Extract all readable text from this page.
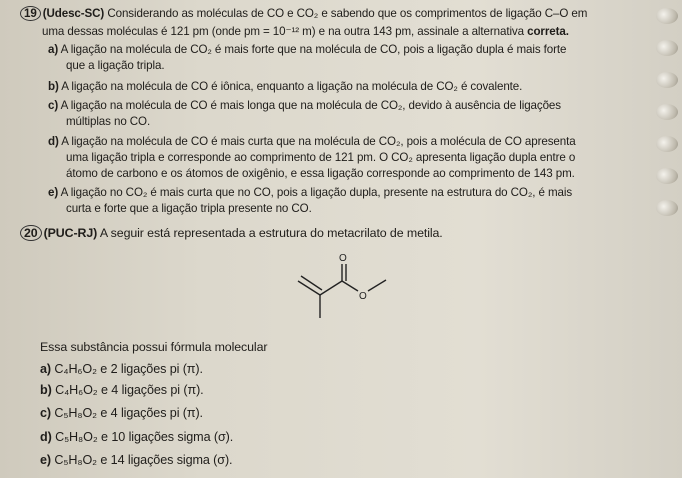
19 (Udesc-SC) Considerando as moléculas de CO e CO₂ e sabendo que os comprimentos de ligação C–O em
uma dessas moléculas é 121 pm (onde pm = 10⁻¹² m) e na outra 143 pm, assinale a alternativa correta.
a) A ligação na molécula de CO₂ é mais forte que na molécula de CO, pois a ligação dupla é mais forte
que a ligação tripla.
b) A ligação na molécula de CO é iônica, enquanto a ligação na molécula de CO₂ é covalente.
c) A ligação na molécula de CO é mais longa que na molécula de CO₂, devido à ausência de ligações
múltiplas no CO.
d) A ligação na molécula de CO é mais curta que na molécula de CO₂, pois a molécula de CO apresenta
uma ligação tripla e corresponde ao comprimento de 121 pm. O CO₂ apresenta ligação dupla entre o
átomo de carbono e os átomos de oxigênio, e essa ligação corresponde ao comprimento de 143 pm.
e) A ligação no CO₂ é mais curta que no CO, pois a ligação dupla, presente na estrutura do CO₂, é mais
curta e forte que a ligação tripla presente no CO.
20 (PUC-RJ) A seguir está representada a estrutura do metacrilato de metila.
O
O
Essa substância possui fórmula molecular
a) C₄H₆O₂ e 2 ligações pi (π).
b) C₄H₆O₂ e 4 ligações pi (π).
c) C₅H₈O₂ e 4 ligações pi (π).
d) C₅H₈O₂ e 10 ligações sigma (σ).
e) C₅H₈O₂ e 14 ligações sigma (σ).
